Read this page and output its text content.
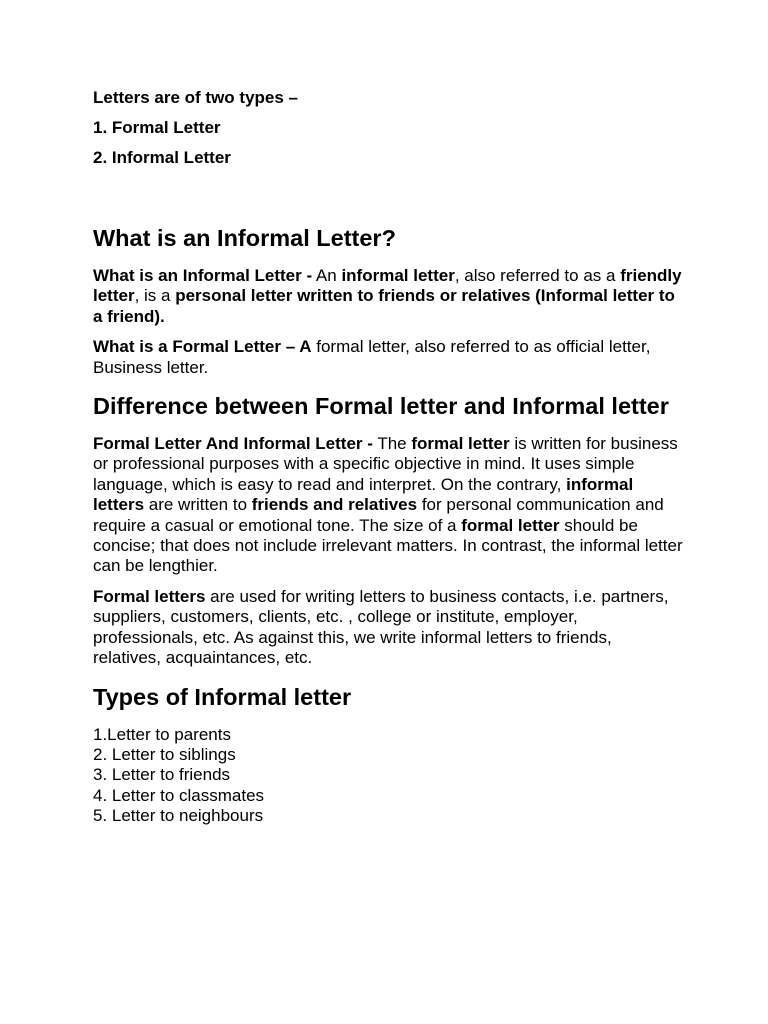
Letters are of two types –
1. Formal Letter
2. Informal Letter
What is an Informal Letter?

What is an Informal Letter - An informal letter, also referred to as a friendly letter, is a personal letter written to friends or relatives (Informal letter to a friend).

What is a Formal Letter – A formal letter, also referred to as official letter, Business letter.

Difference between Formal letter and Informal letter

Formal Letter And Informal Letter - The formal letter is written for business or professional purposes with a specific objective in mind. It uses simple language, which is easy to read and interpret. On the contrary, informal letters are written to friends and relatives for personal communication and require a casual or emotional tone. The size of a formal letter should be concise; that does not include irrelevant matters. In contrast, the informal letter can be lengthier.

Formal letters are used for writing letters to business contacts, i.e. partners, suppliers, customers, clients, etc. , college or institute, employer, professionals, etc. As against this, we write informal letters to friends, relatives, acquaintances, etc.

Types of Informal letter
1.Letter to parents
2. Letter to siblings
3. Letter to friends
4. Letter to classmates
5. Letter to neighbours
